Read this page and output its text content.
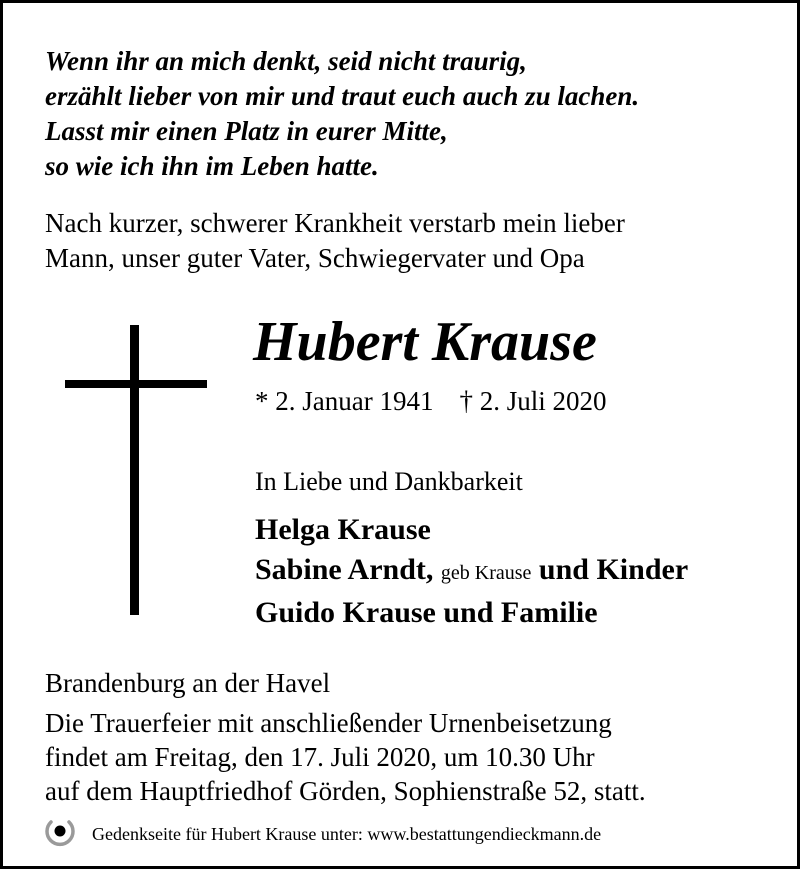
Wenn ihr an mich denkt, seid nicht traurig,
erzählt lieber von mir und traut euch auch zu lachen.
Lasst mir einen Platz in eurer Mitte,
so wie ich ihn im Leben hatte.
Nach kurzer, schwerer Krankheit verstarb mein lieber
Mann, unser guter Vater, Schwiegervater und Opa
Hubert Krause
* 2. Januar 1941 † 2. Juli 2020
In Liebe und Dankbarkeit
Helga Krause
Sabine Arndt, geb Krause und Kinder
Guido Krause und Familie
Brandenburg an der Havel
Die Trauerfeier mit anschließender Urnenbeisetzung
findet am Freitag, den 17. Juli 2020, um 10.30 Uhr
auf dem Hauptfriedhof Görden, Sophienstraße 52, statt.
Gedenkseite für Hubert Krause unter: www.bestattungendieckmann.de
